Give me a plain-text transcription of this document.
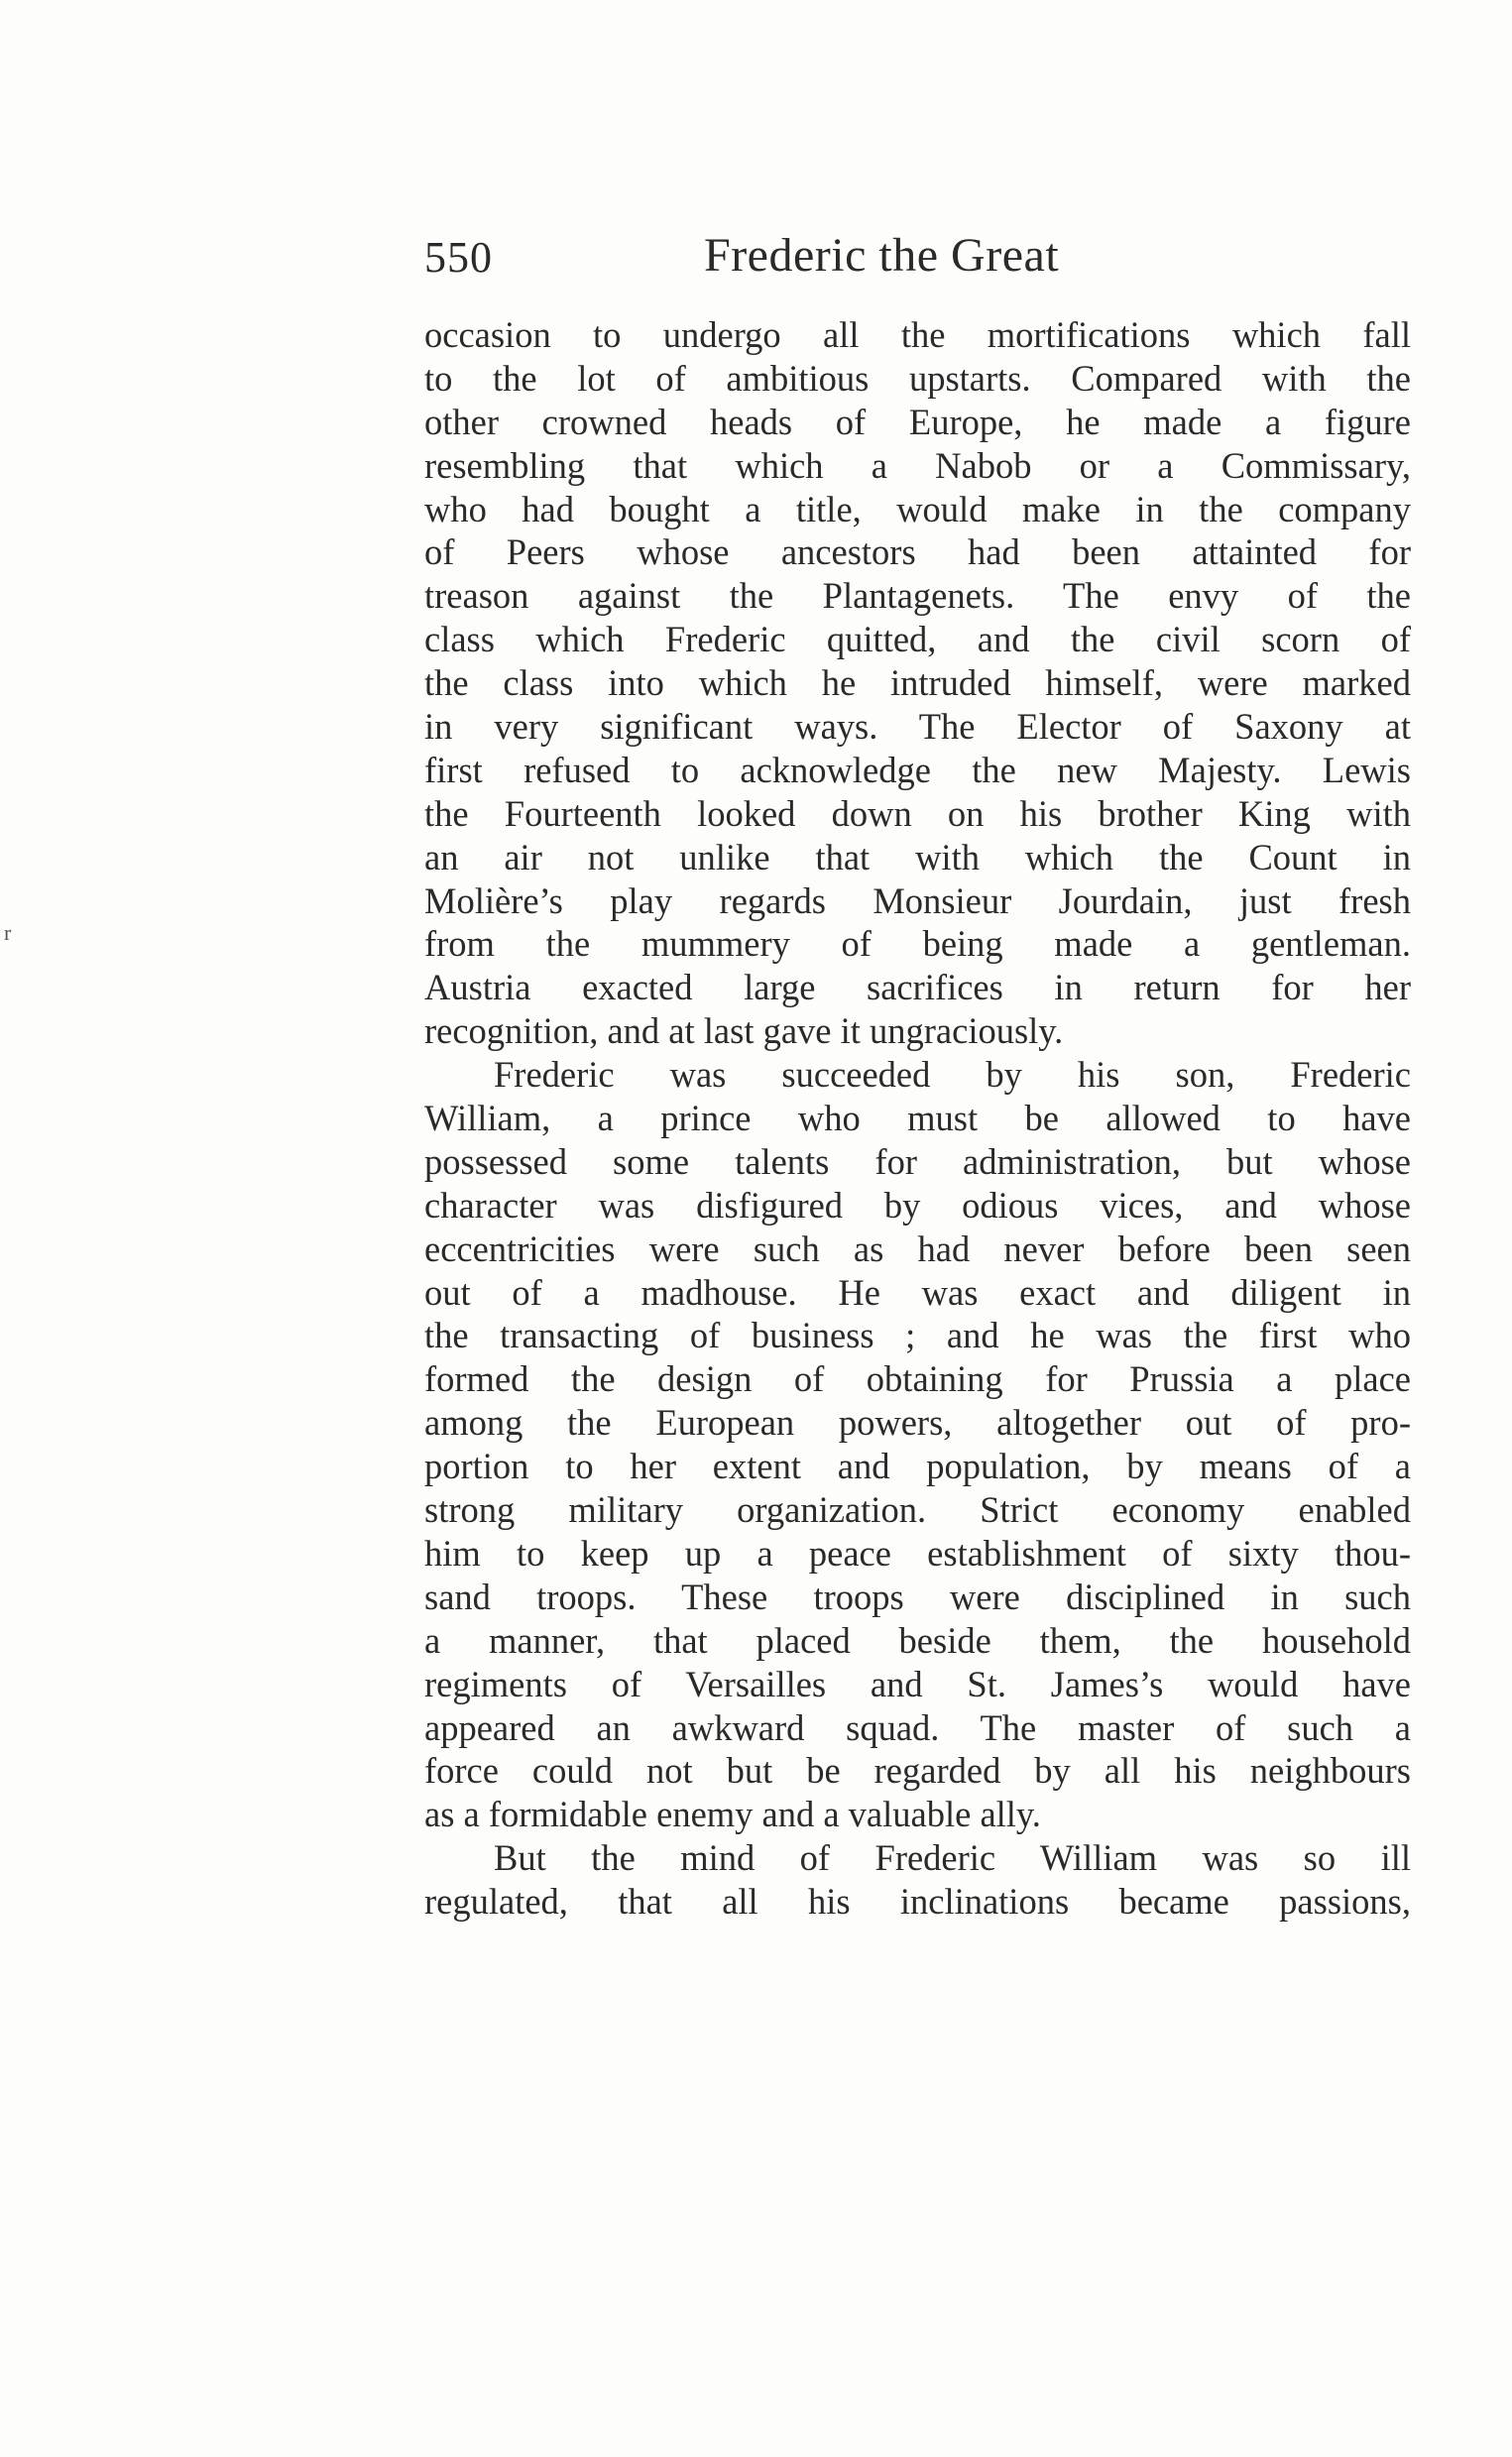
550	Frederic the Great
r
occasion to undergo all the mortifications which fall
to the lot of ambitious upstarts. Compared with the
other crowned heads of Europe, he made a figure
resembling that which a Nabob or a Commissary,
who had bought a title, would make in the company
of Peers whose ancestors had been attainted for
treason against the Plantagenets. The envy of the
class which Frederic quitted, and the civil scorn of
the class into which he intruded himself, were marked
in very significant ways. The Elector of Saxony at
first refused to acknowledge the new Majesty. Lewis
the Fourteenth looked down on his brother King with
an air not unlike that with which the Count in
Molière’s play regards Monsieur Jourdain, just fresh
from the mummery of being made a gentleman.
Austria exacted large sacrifices in return for her
recognition, and at last gave it ungraciously.
Frederic was succeeded by his son, Frederic
William, a prince who must be allowed to have
possessed some talents for administration, but whose
character was disfigured by odious vices, and whose
eccentricities were such as had never before been seen
out of a madhouse. He was exact and diligent in
the transacting of business ; and he was the first who
formed the design of obtaining for Prussia a place
among the European powers, altogether out of pro-
portion to her extent and population, by means of a
strong military organization. Strict economy enabled
him to keep up a peace establishment of sixty thou-
sand troops. These troops were disciplined in such
a manner, that placed beside them, the household
regiments of Versailles and St. James’s would have
appeared an awkward squad. The master of such a
force could not but be regarded by all his neighbours
as a formidable enemy and a valuable ally.
But the mind of Frederic William was so ill
regulated, that all his inclinations became passions,
